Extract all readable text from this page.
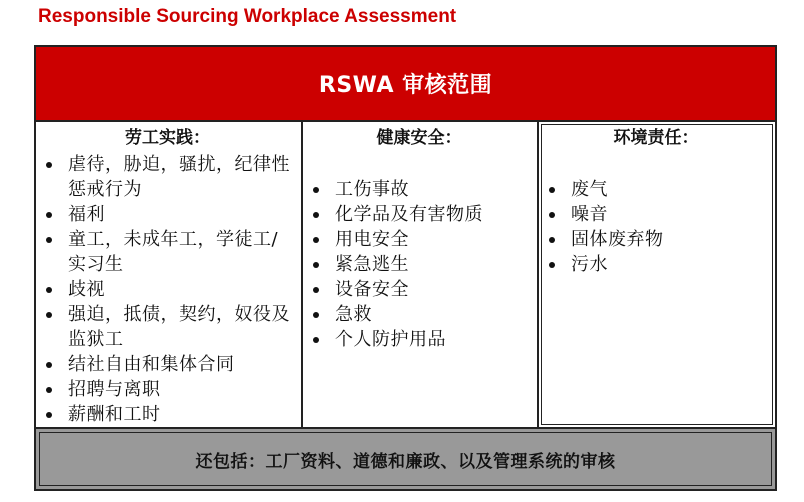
Responsible Sourcing Workplace Assessment
RSWA 审核范围
劳工实践：
虐待，胁迫，骚扰，纪律性惩戒行为
福利
童工，未成年工，学徒工/实习生
歧视
强迫，抵债，契约，奴役及监狱工
结社自由和集体合同
招聘与离职
薪酬和工时
健康安全：
工伤事故
化学品及有害物质
用电安全
紧急逃生
设备安全
急救
个人防护用品
环境责任：
废气
噪音
固体废弃物
污水
还包括：工厂资料、道德和廉政、以及管理系统的审核
